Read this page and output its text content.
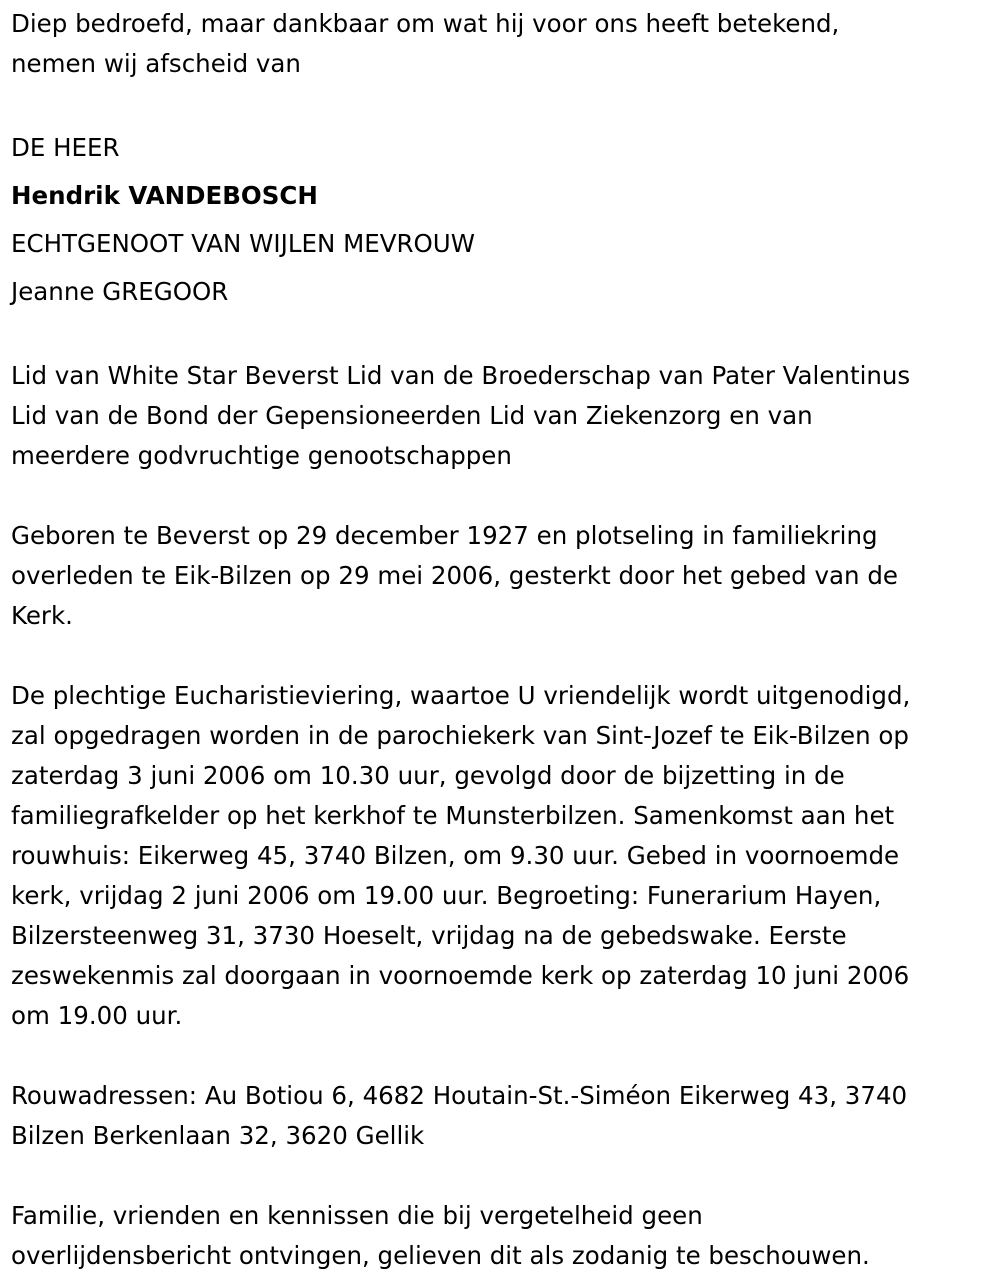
Diep bedroefd, maar dankbaar om wat hij voor ons heeft betekend,
nemen wij afscheid van

DE HEER

Hendrik VANDEBOSCH

ECHTGENOOT VAN WIJLEN MEVROUW

Jeanne GREGOOR

Lid van White Star Beverst Lid van de Broederschap van Pater Valentinus
Lid van de Bond der Gepensioneerden Lid van Ziekenzorg en van
meerdere godvruchtige genootschappen

Geboren te Beverst op 29 december 1927 en plotseling in familiekring
overleden te Eik-Bilzen op 29 mei 2006, gesterkt door het gebed van de
Kerk.

De plechtige Eucharistieviering, waartoe U vriendelijk wordt uitgenodigd,
zal opgedragen worden in de parochiekerk van Sint-Jozef te Eik-Bilzen op
zaterdag 3 juni 2006 om 10.30 uur, gevolgd door de bijzetting in de
familiegrafkelder op het kerkhof te Munsterbilzen. Samenkomst aan het
rouwhuis: Eikerweg 45, 3740 Bilzen, om 9.30 uur. Gebed in voornoemde
kerk, vrijdag 2 juni 2006 om 19.00 uur. Begroeting: Funerarium Hayen,
Bilzersteenweg 31, 3730 Hoeselt, vrijdag na de gebedswake. Eerste
zeswekenmis zal doorgaan in voornoemde kerk op zaterdag 10 juni 2006
om 19.00 uur.

Rouwadressen: Au Botiou 6, 4682 Houtain-St.-Siméon Eikerweg 43, 3740
Bilzen Berkenlaan 32, 3620 Gellik

Familie, vrienden en kennissen die bij vergetelheid geen
overlijdensbericht ontvingen, gelieven dit als zodanig te beschouwen.
